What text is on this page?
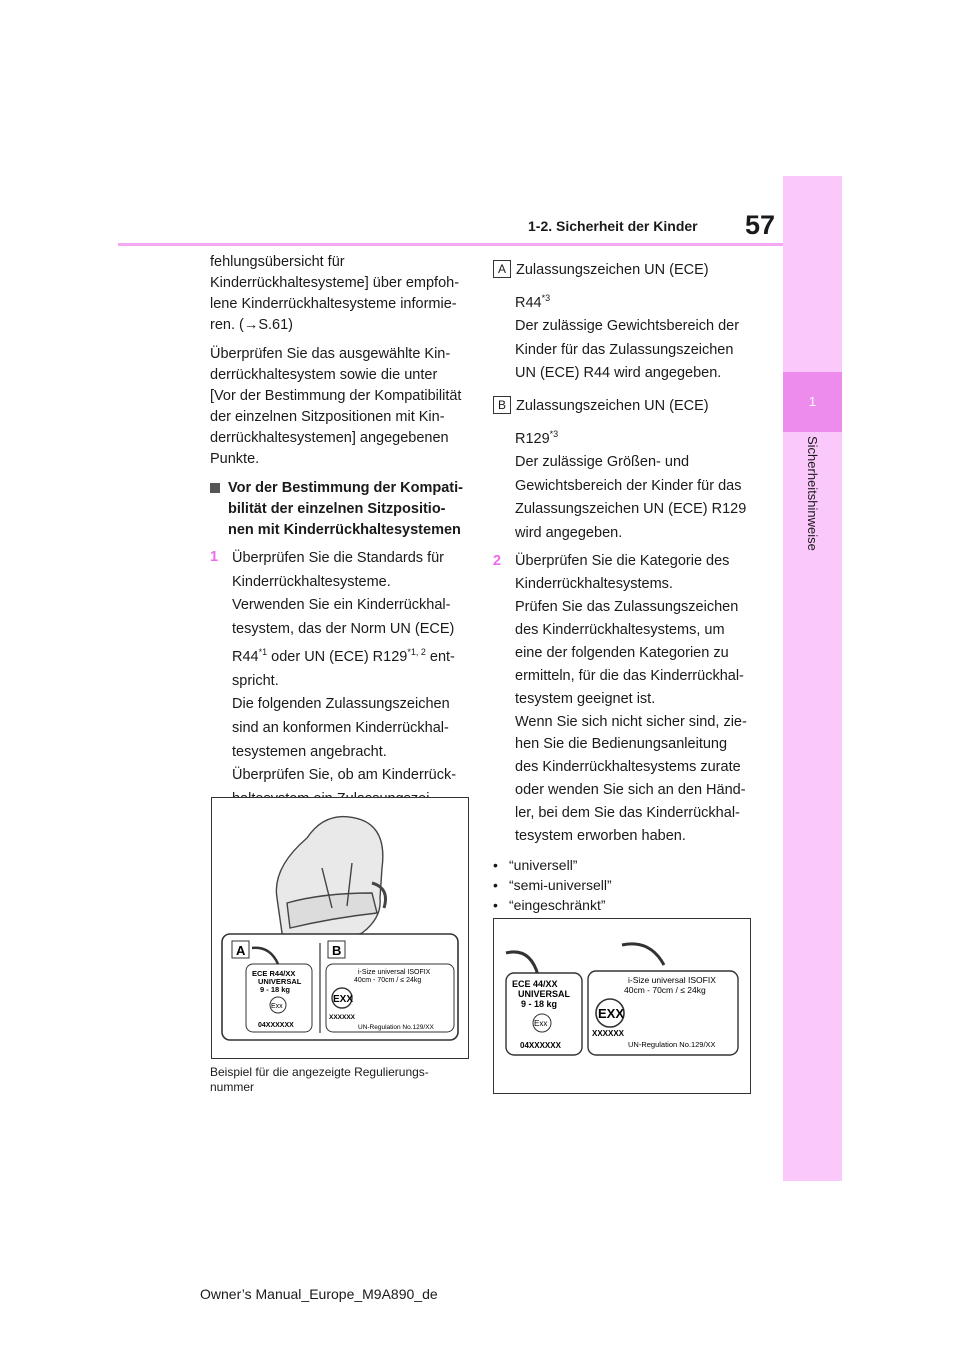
57
1-2. Sicherheit der Kinder
1
Sicherheitshinweise

fehlungsübersicht für
Kinderrückhaltesysteme] über empfoh-
lene Kinderrückhaltesysteme informie-
ren. (→S.61)

Überprüfen Sie das ausgewählte Kin-
derrückhaltesystem sowie die unter
[Vor der Bestimmung der Kompatibilität
der einzelnen Sitzpositionen mit Kin-
derrückhaltesystemen] angegebenen
Punkte.

Vor der Bestimmung der Kompati-
bilität der einzelnen Sitzpositio-
nen mit Kinderrückhaltesystemen
1 Überprüfen Sie die Standards für
Kinderrückhaltesysteme.
Verwenden Sie ein Kinderrückhal-
tesystem, das der Norm UN (ECE)
R44$^{*1}$ oder UN (ECE) R129$^{*1, 2}$ ent-
spricht.
Die folgenden Zulassungszeichen
sind an konformen Kinderrückhal-
tesystemen angebracht.
Überprüfen Sie, ob am Kinderrück-
A	B
ECE R44/XX
UNIVERSAL
9 - 18 kg
Exx
04XXXXXX
i-Size universal ISOFIX
40cm - 70cm / ≤ 24kg
EXX
XXXXXX
UN-Regulation No.129/XX
Beispiel für die angezeigte Regulierungs-
nummer
A Zulassungszeichen UN (ECE)
R44$^{*3}$
Der zulässige Gewichtsbereich der
Kinder für das Zulassungszeichen
UN (ECE) R44 wird angegeben.
B Zulassungszeichen UN (ECE)
R129$^{*3}$
Der zulässige Größen- und
Gewichtsbereich der Kinder für das
Zulassungszeichen UN (ECE) R129
wird angegeben.
2 Überprüfen Sie die Kategorie des
Kinderrückhaltesystems.
Prüfen Sie das Zulassungszeichen
des Kinderrückhaltesystems, um
eine der folgenden Kategorien zu
ermitteln, für die das Kinderrückhal-
tesystem geeignet ist.
Wenn Sie sich nicht sicher sind, zie-
hen Sie die Bedienungsanleitung
des Kinderrückhaltesystems zurate
oder wenden Sie sich an den Händ-
ler, bei dem Sie das Kinderrückhal-
tesystem erworben haben.
• “universell”
• “semi-universell”
• “eingeschränkt”
ECE 44/XX
UNIVERSAL
9 - 18 kg
Exx
04XXXXXX
i-Size universal ISOFIX
40cm - 70cm / ≤ 24kg
EXX
XXXXXX
UN-Regulation No.129/XX
Owner’s Manual_Europe_M9A890_de
